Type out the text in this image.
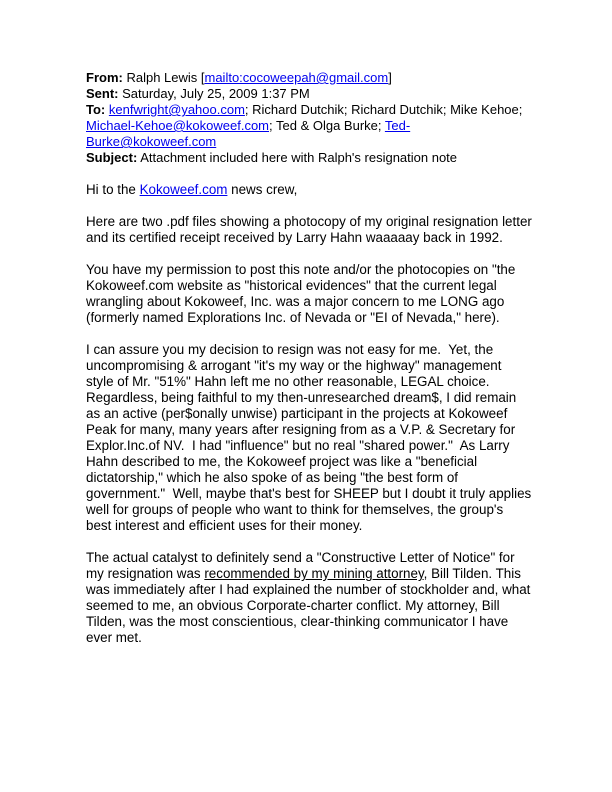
From: Ralph Lewis [mailto:cocoweepah@gmail.com]
Sent: Saturday, July 25, 2009 1:37 PM
To: kenfwright@yahoo.com; Richard Dutchik; Richard Dutchik; Mike Kehoe; Michael-Kehoe@kokoweef.com; Ted & Olga Burke; Ted-Burke@kokoweef.com
Subject: Attachment included here with Ralph's resignation note
Hi to the Kokoweef.com news crew,
Here are two .pdf files showing a photocopy of my original resignation letter and its certified receipt received by Larry Hahn waaaaay back in 1992.
You have my permission to post this note and/or the photocopies on "the Kokoweef.com website as "historical evidences" that the current legal wrangling about Kokoweef, Inc. was a major concern to me LONG ago (formerly named Explorations Inc. of Nevada or "EI of Nevada," here).
I can assure you my decision to resign was not easy for me.  Yet, the uncompromising & arrogant "it's my way or the highway" management style of Mr. "51%" Hahn left me no other reasonable, LEGAL choice.  Regardless, being faithful to my then-unresearched dream$, I did remain as an active (per$onally unwise) participant in the projects at Kokoweef Peak for many, many years after resigning from as a V.P. & Secretary for Explor.Inc.of NV.  I had "influence" but no real "shared power."  As Larry Hahn described to me, the Kokoweef project was like a "beneficial dictatorship," which he also spoke of as being "the best form of government."  Well, maybe that's best for SHEEP but I doubt it truly applies well for groups of people who want to think for themselves, the group's best interest and efficient uses for their money.
The actual catalyst to definitely send a "Constructive Letter of Notice" for my resignation was recommended by my mining attorney, Bill Tilden. This was immediately after I had explained the number of stockholder and, what seemed to me, an obvious Corporate-charter conflict. My attorney, Bill Tilden, was the most conscientious, clear-thinking communicator I have ever met.
